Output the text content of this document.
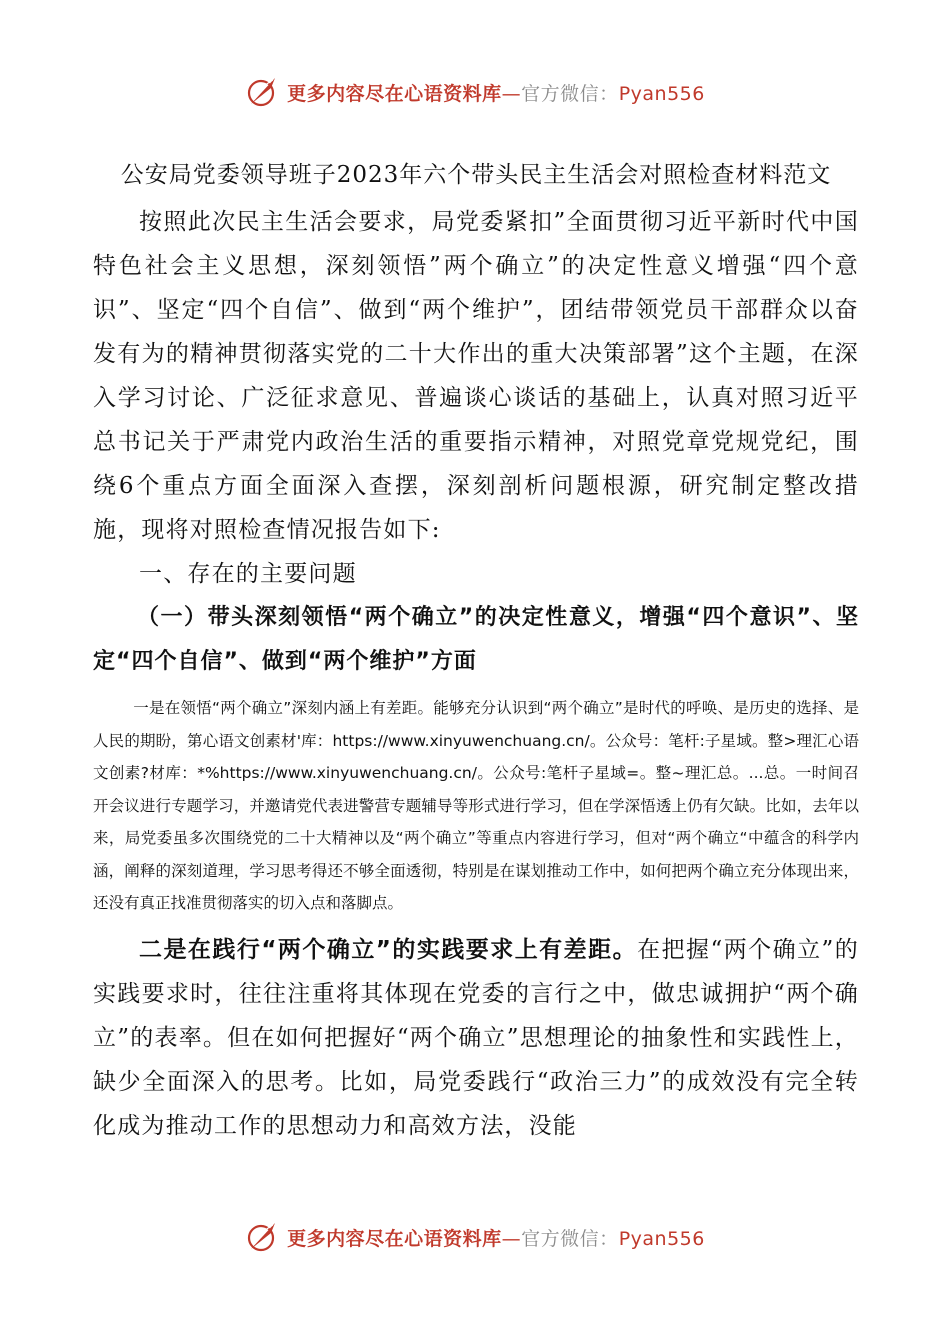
更多内容尽在心语资料库—官方微信：Pyan556
公安局党委领导班子2023年六个带头民主生活会对照检查材料范文

按照此次民主生活会要求，局党委紧扣”全面贯彻习近平新时代中国特色社会主义思想，深刻领悟”两个确立”的决定性意义增强“四个意识”、坚定“四个自信”、做到“两个维护”，团结带领党员干部群众以奋发有为的精神贯彻落实党的二十大作出的重大决策部署”这个主题，在深入学习讨论、广泛征求意见、普遍谈心谈话的基础上，认真对照习近平总书记关于严肃党内政治生活的重要指示精神，对照党章党规党纪，围绕6个重点方面全面深入查摆，深刻剖析问题根源，研究制定整改措施，现将对照检查情况报告如下:

一、存在的主要问题

（一）带头深刻领悟“两个确立”的决定性意义，增强“四个意识”、坚定“四个自信”、做到“两个维护”方面

一是在领悟“两个确立”深刻内涵上有差距。能够充分认识到“两个确立”是时代的呼唤、是历史的选择、是人民的期盼，第心语文创素材'库：https://www.xinyuwenchuang.cn/。公众号：笔杆:子星域。整>理汇心语文创素?材库：*%https://www.xinyuwenchuang.cn/。公众号:笔杆子星域=。整~理汇总。...总。一时间召开会议进行专题学习，并邀请党代表进警营专题辅导等形式进行学习，但在学深悟透上仍有欠缺。比如，去年以来，局党委虽多次围绕党的二十大精神以及“两个确立”等重点内容进行学习，但对“两个确立“中蕴含的科学内涵，阐释的深刻道理，学习思考得还不够全面透彻，特别是在谋划推动工作中，如何把两个确立充分体现出来，还没有真正找准贯彻落实的切入点和落脚点。

二是在践行“两个确立”的实践要求上有差距。在把握“两个确立”的实践要求时，往往注重将其体现在党委的言行之中，做忠诚拥护“两个确立”的表率。但在如何把握好“两个确立”思想理论的抽象性和实践性上，缺少全面深入的思考。比如，局党委践行“政治三力”的成效没有完全转化成为推动工作的思想动力和高效方法，没能

更多内容尽在心语资料库—官方微信：Pyan556
